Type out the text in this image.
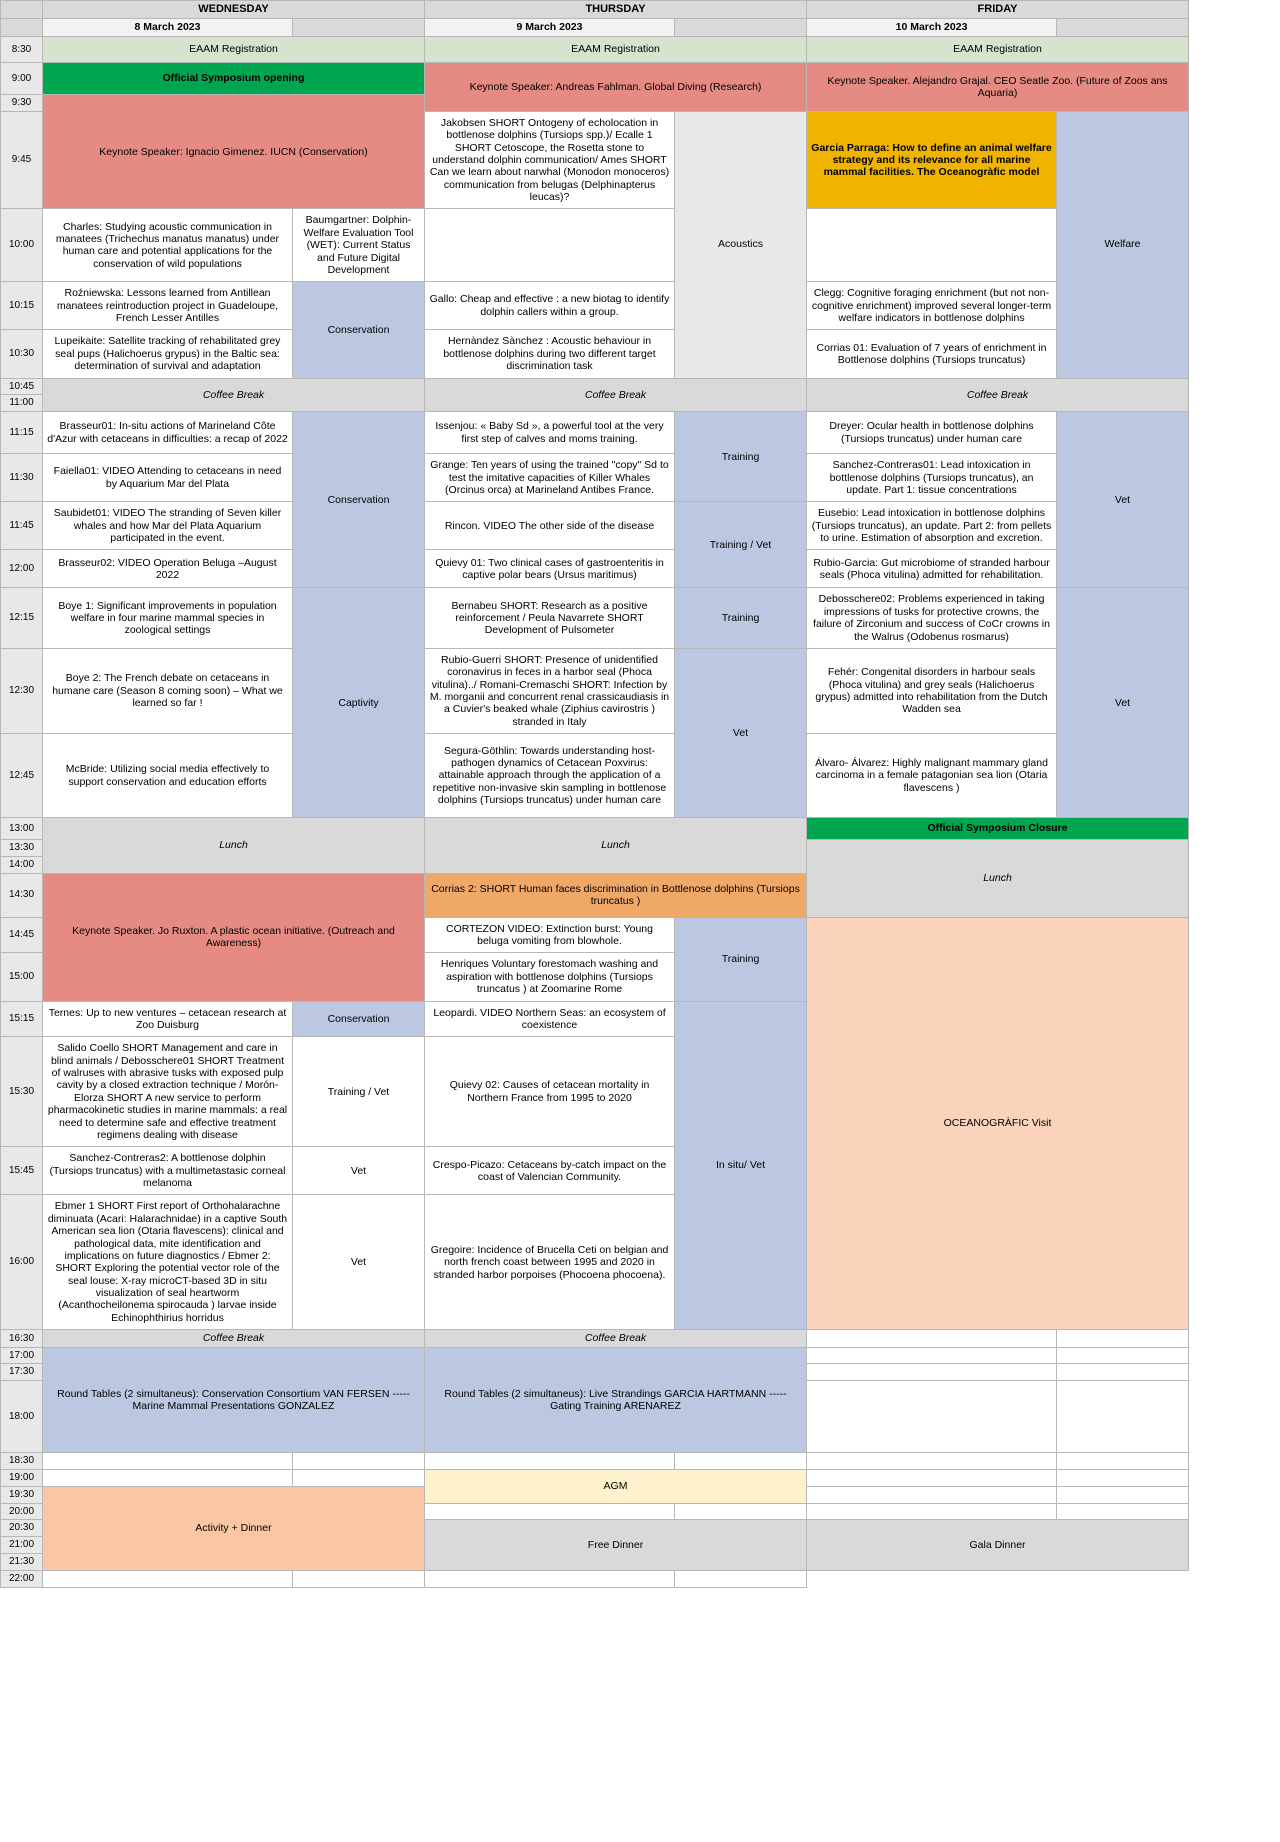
	WEDNESDAY		THURSDAY		FRIDAY	
	8 March 2023		9 March 2023		10 March 2023	
8:30	EAAM Registration		EAAM Registration		EAAM Registration	
9:00	Official Symposium opening		Keynote Speaker: Andreas Fahlman. Global Diving (Research)		Keynote Speaker. Alejandro Grajal. CEO Seatle Zoo. (Future of Zoos ans Aquaria)	
9:30	Keynote Speaker: Ignacio Gimenez. IUCN (Conservation)					
9:45			Jakobsen SHORT Ontogeny of echolocation in bottlenose dolphins (Tursiops spp.)/ Ecalle 1 SHORT Cetoscope, the Rosetta stone to understand dolphin communication/ Ames SHORT Can we learn about narwhal (Monodon monoceros) communication from belugas (Delphinapterus leucas)?	Acoustics	Garcia Parraga: How to define an animal welfare strategy and its relevance for all marine mammal facilities. The Oceanogràfic model	Welfare
10:00	Charles: Studying acoustic communication in manatees (Trichechus manatus manatus) under human care and potential applications for the conservation of wild populations	Baumgartner: Dolphin-Welfare Evaluation Tool (WET): Current Status and Future Digital Development				
10:15	Roźniewska: Lessons learned from Antillean manatees reintroduction project in Guadeloupe, French Lesser Antilles	Conservation	Gallo: Cheap and effective : a new biotag to identify dolphin callers within a group.		Clegg: Cognitive foraging enrichment (but not non-cognitive enrichment) improved several longer-term welfare indicators in bottlenose dolphins	
10:30	Lupeikaite: Satellite tracking of rehabilitated grey seal pups (Halichoerus grypus) in the Baltic sea: determination of survival and adaptation		Hernàndez Sànchez : Acoustic behaviour in bottlenose dolphins during two different target discrimination task		Corrias 01: Evaluation of 7 years of enrichment in Bottlenose dolphins (Tursiops truncatus)	
10:45	Coffee Break		Coffee Break		Coffee Break	
11:00						
11:15	Brasseur01: In-situ actions of Marineland Côte d'Azur with cetaceans in difficulties: a recap of 2022	Conservation	Issenjou: « Baby Sd », a powerful tool at the very first step of calves and moms training.	Training	Dreyer: Ocular health in bottlenose dolphins (Tursiops truncatus) under human care	Vet
11:30	Faiella01: VIDEO Attending to cetaceans in need by Aquarium Mar del Plata		Grange: Ten years of using the trained "copy" Sd to test the imitative capacities of Killer Whales (Orcinus orca) at Marineland Antibes France.		Sanchez-Contreras01: Lead intoxication in bottlenose dolphins (Tursiops truncatus), an update. Part 1: tissue concentrations	
11:45	Saubidet01: VIDEO The stranding of Seven killer whales and how Mar del Plata Aquarium participated in the event.		Rincon. VIDEO The other side of the disease	Training / Vet	Eusebio: Lead intoxication in bottlenose dolphins (Tursiops truncatus), an update. Part 2: from pellets to urine. Estimation of absorption and excretion.	
12:00	Brasseur02: VIDEO Operation Beluga –August 2022		Quievy 01: Two clinical cases of gastroenteritis in captive polar bears (Ursus maritimus)		Rubio-Garcia: Gut microbiome of stranded harbour seals (Phoca vitulina) admitted for rehabilitation.	
12:15	Boye 1: Significant improvements in population welfare in four marine mammal species in zoological settings	Captivity	Bernabeu SHORT: Research as a positive reinforcement / Peula Navarrete SHORT Development of Pulsometer	Training	Debosschere02: Problems experienced in taking impressions of tusks for protective crowns, the failure of Zirconium and success of CoCr crowns in the Walrus (Odobenus rosmarus)	Vet
12:30	Boye 2: The French debate on cetaceans in humane care (Season 8 coming soon) – What we learned so far !		Rubio-Guerri SHORT: Presence of unidentified coronavirus in feces in a harbor seal (Phoca vitulina)../ Romani-Cremaschi SHORT: Infection by M. morganii and concurrent renal crassicaudiasis in a Cuvier's beaked whale (Ziphius cavirostris ) stranded in Italy	Vet	Fehér: Congenital disorders in harbour seals (Phoca vitulina) and grey seals (Halichoerus grypus) admitted into rehabilitation from the Dutch Wadden sea	
12:45	McBride: Utilizing social media effectively to support conservation and education efforts		Segura-Göthlin: Towards understanding host-pathogen dynamics of Cetacean Poxvirus: attainable approach through the application of a repetitive non-invasive skin sampling in bottlenose dolphins (Tursiops truncatus) under human care		Álvaro- Álvarez: Highly malignant mammary gland carcinoma in a female patagonian sea lion (Otaria flavescens )	
13:00	Lunch		Lunch		Official Symposium Closure	
13:30					Lunch	
14:00						
14:30	Keynote Speaker. Jo Ruxton. A plastic ocean initiative. (Outreach and Awareness)		Corrias 2: SHORT Human faces discrimination in Bottlenose dolphins (Tursiops truncatus )			
14:45			CORTEZON VIDEO: Extinction burst: Young beluga vomiting from blowhole.	Training	OCEANOGRÀFIC Visit	
15:00			Henriques Voluntary forestomach washing and aspiration with bottlenose dolphins (Tursiops truncatus ) at Zoomarine Rome			
15:15	Ternes: Up to new ventures – cetacean research at Zoo Duisburg	Conservation	Leopardi. VIDEO Northern Seas: an ecosystem of coexistence	In situ/ Vet		
15:30	Salido Coello SHORT Management and care in blind animals / Debosschere01 SHORT Treatment of walruses with abrasive tusks with exposed pulp cavity by a closed extraction technique / Morón-Elorza SHORT A new service to perform pharmacokinetic studies in marine mammals: a real need to determine safe and effective treatment regimens dealing with disease	Training / Vet	Quievy 02: Causes of cetacean mortality in Northern France from 1995 to 2020			
15:45	Sanchez-Contreras2: A bottlenose dolphin (Tursiops truncatus) with a multimetastasic corneal melanoma	Vet	Crespo-Picazo: Cetaceans by-catch impact on the coast of Valencian Community.			
16:00	Ebmer 1 SHORT First report of Orthohalarachne diminuata (Acari: Halarachnidae) in a captive South American sea lion (Otaria flavescens): clinical and pathological data, mite identification and implications on future diagnostics / Ebmer 2: SHORT Exploring the potential vector role of the seal louse: X-ray microCT-based 3D in situ visualization of seal heartworm (Acanthocheilonema spirocauda ) larvae inside Echinophthirius horridus	Vet	Gregoire: Incidence of Brucella Ceti on belgian and north french coast between 1995 and 2020 in stranded harbor porpoises (Phocoena phocoena).			
16:30	Coffee Break		Coffee Break			
17:00	Round Tables (2 simultaneus): Conservation Consortium VAN FERSEN ----- Marine Mammal Presentations GONZALEZ		Round Tables (2 simultaneus): Live Strandings GARCIA HARTMANN ----- Gating Training ARENAREZ			
17:30						
18:00						
18:30						
19:00			AGM			
19:30	Activity + Dinner					
20:00						
20:30			Free Dinner		Gala Dinner	
21:00						
21:30						
22:00						
